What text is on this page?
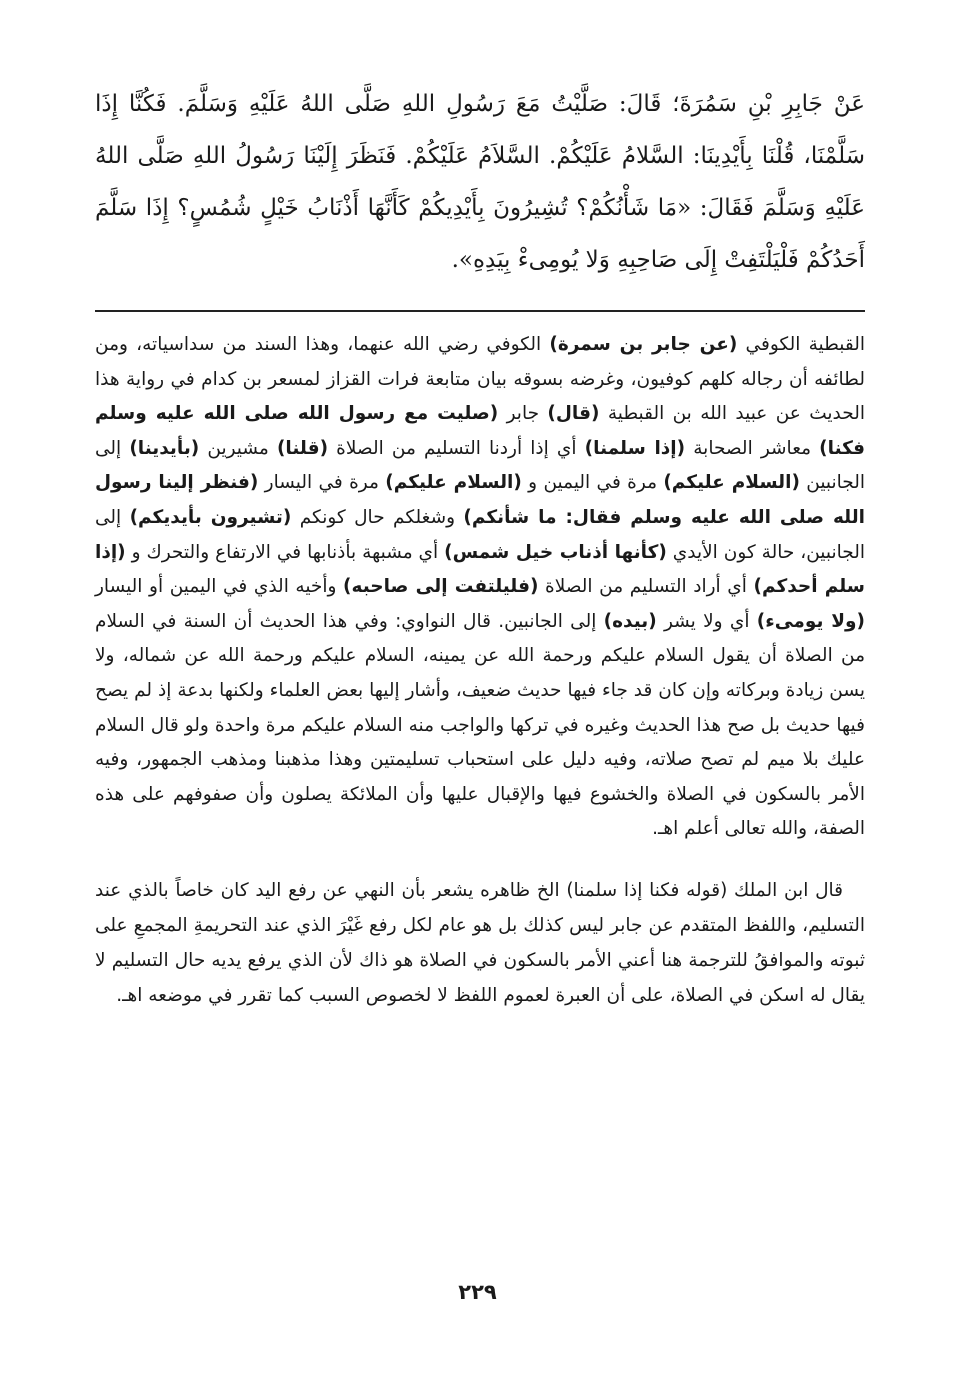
عَنْ جَابِرِ بْنِ سَمُرَةَ؛ قَالَ: صَلَّيْتُ مَعَ رَسُولِ اللهِ صَلَّى اللهُ عَلَيْهِ وَسَلَّمَ. فَكُنَّا إِذَا سَلَّمْنَا، قُلْنَا بِأَيْدِينَا: السَّلامُ عَلَيْكُمْ. السَّلاَمُ عَلَيْكُمْ. فَنَظَرَ إِلَيْنَا رَسُولُ اللهِ صَلَّى اللهُ عَلَيْهِ وَسَلَّمَ فَقَالَ: «مَا شَأْنُكُمْ؟ تُشِيرُونَ بِأَيْدِيكُمْ كَأَنَّهَا أَذْنَابُ خَيْلٍ شُمُسٍ؟ إِذَا سَلَّمَ أَحَدُكُمْ فَلْيَلْتَفِتْ إِلَى صَاحِبِهِ وَلا يُومِىءْ بِيَدِهِ».

القبطية الكوفي (عن جابر بن سمرة) الكوفي رضي الله عنهما، وهذا السند من سداسياته، ومن لطائفه أن رجاله كلهم كوفيون، وغرضه بسوقه بيان متابعة فرات القزاز لمسعر بن كدام في رواية هذا الحديث عن عبيد الله بن القبطية (قال) جابر (صليت مع رسول الله صلى الله عليه وسلم فكنا) معاشر الصحابة (إذا سلمنا) أي إذا أردنا التسليم من الصلاة (قلنا) مشيرين (بأيدينا) إلى الجانبين (السلام عليكم) مرة في اليمين و (السلام عليكم) مرة في اليسار (فنظر إلينا رسول الله صلى الله عليه وسلم فقال: ما شأنكم) وشغلكم حال كونكم (تشيرون بأيديكم) إلى الجانبين، حالة كون الأيدي (كأنها أذناب خيل شمس) أي مشبهة بأذنابها في الارتفاع والتحرك و (إذا سلم أحدكم) أي أراد التسليم من الصلاة (فليلتفت إلى صاحبه) وأخيه الذي في اليمين أو اليسار (ولا يومىء) أي ولا يشر (بيده) إلى الجانبين. قال النواوي: وفي هذا الحديث أن السنة في السلام من الصلاة أن يقول السلام عليكم ورحمة الله عن يمينه، السلام عليكم ورحمة الله عن شماله، ولا يسن زيادة وبركاته وإن كان قد جاء فيها حديث ضعيف، وأشار إليها بعض العلماء ولكنها بدعة إذ لم يصح فيها حديث بل صح هذا الحديث وغيره في تركها والواجب منه السلام عليكم مرة واحدة ولو قال السلام عليك بلا ميم لم تصح صلاته، وفيه دليل على استحباب تسليمتين وهذا مذهبنا ومذهب الجمهور، وفيه الأمر بالسكون في الصلاة والخشوع فيها والإقبال عليها وأن الملائكة يصلون وأن صفوفهم على هذه الصفة، والله تعالى أعلم اهـ.

قال ابن الملك (قوله فكنا إذا سلمنا) الخ ظاهره يشعر بأن النهي عن رفع اليد كان خاصاً بالذي عند التسليم، واللفظ المتقدم عن جابر ليس كذلك بل هو عام لكل رفع غَيْرَ الذي عند التحريمةِ المجمعِ على ثبوته والموافقُ للترجمة هنا أعني الأمر بالسكون في الصلاة هو ذاك لأن الذي يرفع يديه حال التسليم لا يقال له اسكن في الصلاة، على أن العبرة لعموم اللفظ لا لخصوص السبب كما تقرر في موضعه اهـ.

٢٢٩
